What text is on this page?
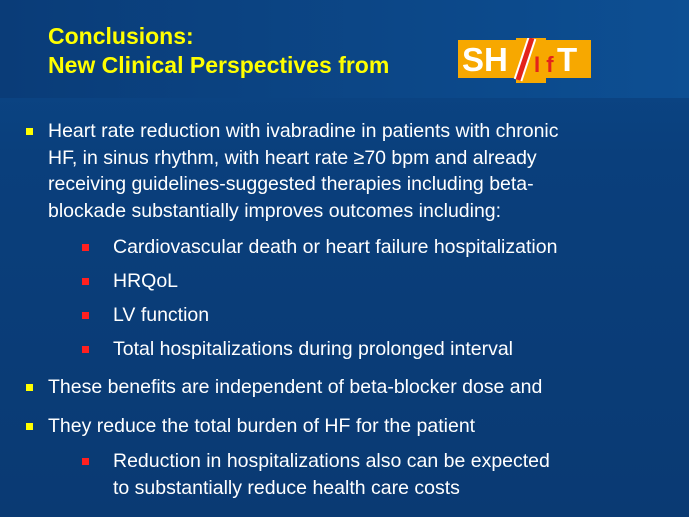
Conclusions:
New Clinical Perspectives from SH I f T
Heart rate reduction with ivabradine in patients with chronic
HF, in sinus rhythm, with heart rate ≥70 bpm and already
receiving guidelines-suggested therapies including beta-
blockade substantially improves outcomes including:
Cardiovascular death or heart failure hospitalization
HRQoL
LV function
Total hospitalizations during prolonged interval
These benefits are independent of beta-blocker dose and
They reduce the total burden of HF for the patient
Reduction in hospitalizations also can be expected
to substantially reduce health care costs
